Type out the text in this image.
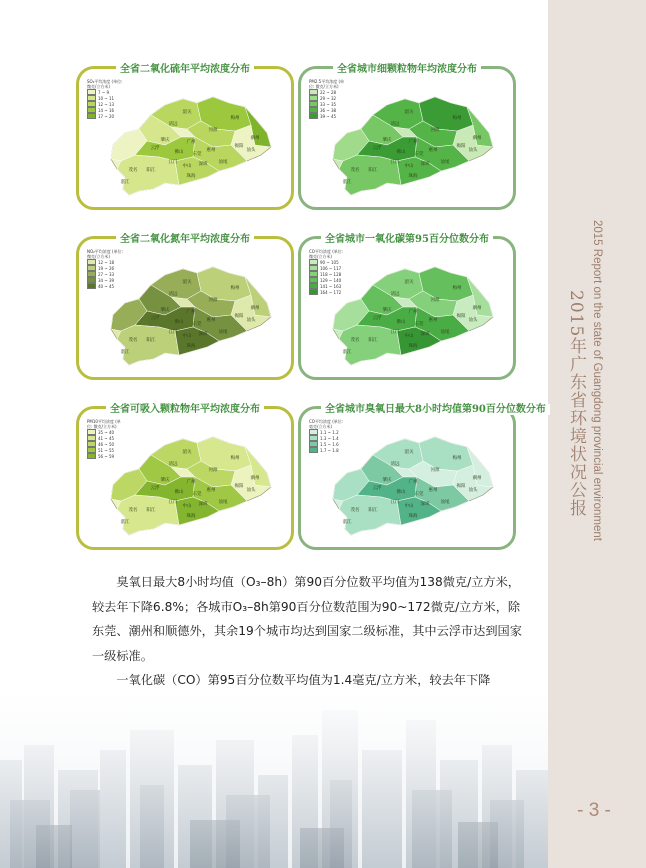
2015年广东省环境状况公报 2015 Report on the state of Guangdong provincial environment
- 3 -
全省二氧化硫年平均浓度分布
韶关
清远
梅州
河源
潮州
汕头
揭阳
广州
肇庆
云浮	惠州
汕尾
佛山 东莞
深圳
江门
中山
珠海
阳江
茂名
湛江
SO₂平均浓度 (单位: 微克/立方米)
7 ~ 9
10 ~ 11
12 ~ 13
14 ~ 16
17 ~ 20
全省城市细颗粒物年均浓度分布
韶关
清远
梅州
河源
潮州
汕头
揭阳
广州
肇庆
云浮	惠州
汕尾
佛山 东莞
深圳
江门
中山
珠海
阳江
茂名
湛江
PM2.5平均浓度 (单位: 微克/立方米)
22 ~ 28
29 ~ 32
33 ~ 35
36 ~ 38
39 ~ 45
全省二氧化氮年平均浓度分布
韶关
清远
梅州
河源
潮州
汕头
揭阳
广州
肇庆
云浮	惠州
汕尾
佛山 东莞
深圳
江门
中山
珠海
阳江
茂名
湛江
NO₂平均浓度 (单位: 微克/立方米)
12 ~ 18
19 ~ 26
27 ~ 33
34 ~ 39
40 ~ 45
全省城市一氧化碳第95百分位数分布
韶关
清远
梅州
河源
潮州
汕头
揭阳
广州
肇庆
云浮	惠州
汕尾
佛山 东莞
深圳
江门
中山
珠海
阳江
茂名
湛江
CO平均浓度 (单位: 微克/立方米)
90 ~ 105
106 ~ 117
118 ~ 128
129 ~ 140
141 ~ 163
164 ~ 172
全省可吸入颗粒物年平均浓度分布
韶关
清远
梅州
河源
潮州
汕头
揭阳
广州
肇庆
云浮	惠州
汕尾
佛山 东莞
深圳
江门
中山
珠海
阳江
茂名
湛江
PM10平均浓度 (单位: 微克/立方米)
35 ~ 40
41 ~ 45
46 ~ 50
51 ~ 55
56 ~ 59
全省城市臭氧日最大8小时均值第90百分位数分布
韶关
清远
梅州
河源
潮州
汕头
揭阳
广州
肇庆
云浮	惠州
汕尾
佛山 东莞
深圳
江门
中山
珠海
阳江
茂名
湛江
CO平均浓度 (单位: 毫克/立方米)
1.1 ~ 1.2
1.3 ~ 1.4
1.5 ~ 1.6
1.7 ~ 1.8

臭氧日最大8小时均值（O₃–8h）第90百分位数平均值为138微克/立方米，较去年下降6.8%；各城市O₃–8h第90百分位数范围为90~172微克/立方米，除东莞、潮州和顺德外，其余19个城市均达到国家二级标准，其中云浮市达到国家一级标准。

一氧化碳（CO）第95百分位数平均值为1.4毫克/立方米，较去年下降
